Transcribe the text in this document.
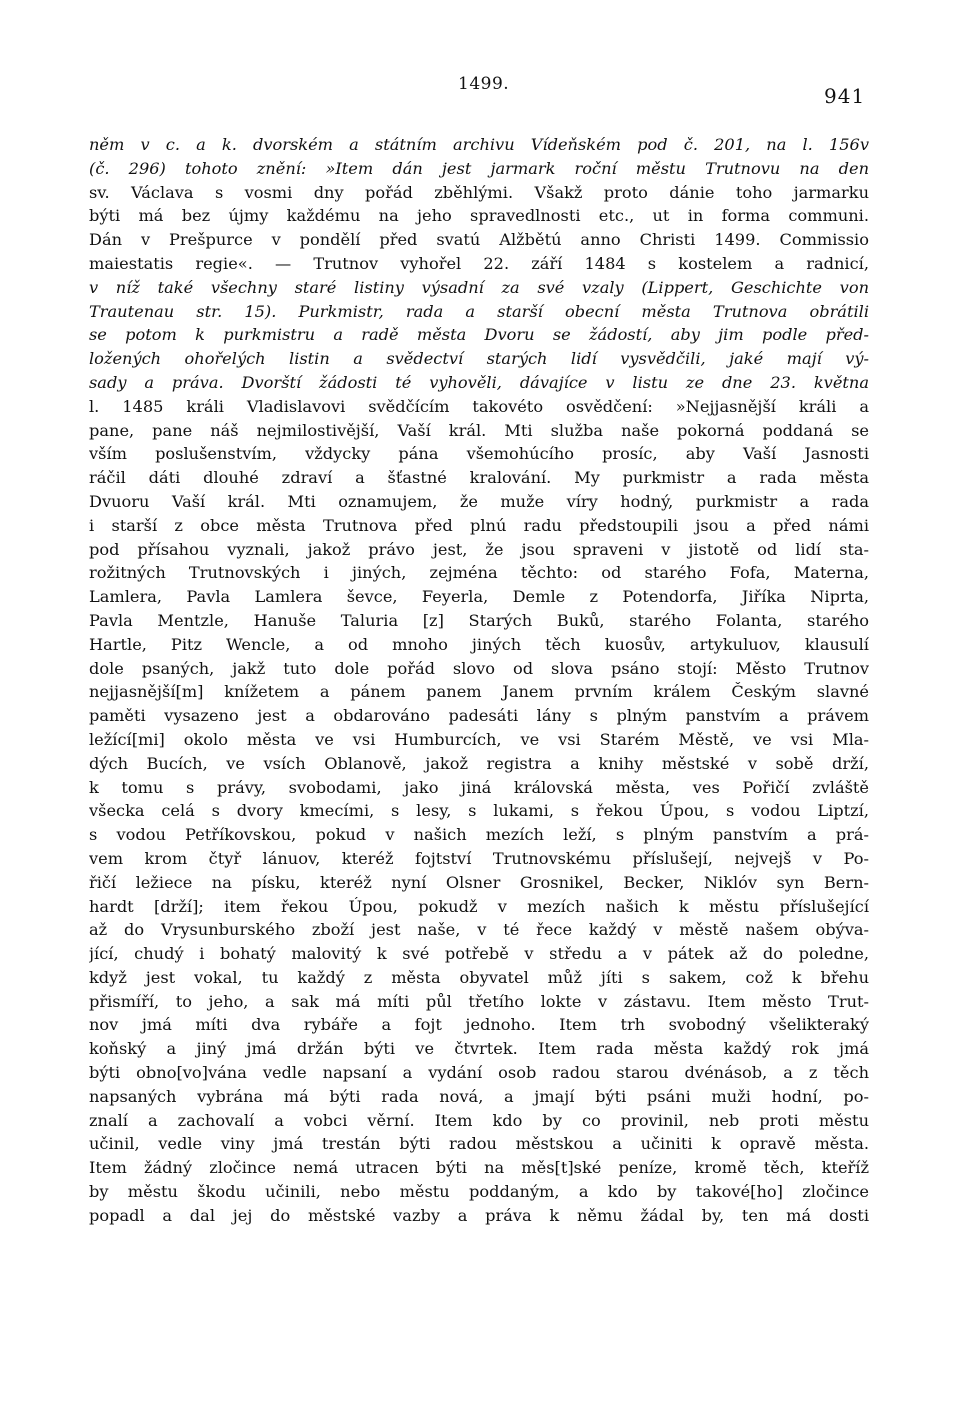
1499.	941
něm v c. a k. dvorském a státním archivu Vídeňském pod č. 201, na l. 156v
(č. 296) tohoto znění: »Item dán jest jarmark roční městu Trutnovu na den
sv. Václava s vosmi dny pořád zběhlými. Všakž proto dánie toho jarmarku
býti má bez újmy každému na jeho spravedlnosti etc., ut in forma communi.
Dán v Prešpurce v pondělí před svatú Alžbětú anno Christi 1499. Commissio
maiestatis regie«. — Trutnov vyhořel 22. září 1484 s kostelem a radnicí,
v níž také všechny staré listiny výsadní za své vzaly (Lippert, Geschichte von
Trautenau str. 15). Purkmistr, rada a starší obecní města Trutnova obrátili
se potom k purkmistru a radě města Dvoru se žádostí, aby jim podle před-
ložených ohořelých listin a svědectví starých lidí vysvědčili, jaké mají vý-
sady a práva. Dvorští žádosti té vyhověli, dávajíce v listu ze dne 23. května
l. 1485 králi Vladislavovi svědčícím takovéto osvědčení: »Nejjasnější králi a
pane, pane náš nejmilostivější, Vaší král. Mti službа naše pokorná poddaná se
vším poslušenstvím, vždycky pána všemohúcího prosíc, aby Vaší Jasnosti
ráčil dáti dlouhé zdraví a šťastné kralování. My purkmistr a rada města
Dvuoru Vaší král. Mti oznamujem, že muže víry hodný, purkmistr a rada
i starší z obce města Trutnova před plnú radu předstoupili jsou a před námi
pod přísahou vyznali, jakož právo jest, že jsou spraveni v jistotě od lidí sta-
rožitných Trutnovských i jiných, zejména těchto: od starého Fofa, Materna,
Lamlera, Pavla Lamlera ševce, Feyerla, Demle z Potendorfa, Jiříka Niprta,
Pavla Mentzle, Hanuše Taluria [z] Starých Buků, starého Folanta, starého
Hartle, Pitz Wencle, a od mnoho jiných těch kuosův, artykuluov, klausulí
dole psaných, jakž tuto dole pořád slovo od slova psáno stojí: Město Trutnov
nejjasnější[m] knížetem a pánem panem Janem prvním králem Českým slavné
paměti vysazeno jest a obdarováno padesáti lány s plným panstvím a právem
ležící[mi] okolo města ve vsi Humburcích, ve vsi Starém Městě, ve vsi Mla-
dých Bucích, ve vsích Oblanově, jakož registra a knihy městské v sobě drží,
k tomu s právy, svobodami, jako jiná královská města, ves Pořičí zvláště
všecka celá s dvory kmecími, s lesy, s lukami, s řekou Úpou, s vodou Liptzí,
s vodou Petříkovskou, pokud v našich mezích leží, s plným panstvím a prá-
vem krom čtyř lánuov, kteréž fojtství Trutnovskému příslušejí, nejvejš v Po-
řičí ležiece na písku, kteréž nyní Olsner Grosnikel, Becker, Niklóv syn Bern-
hardt [drží]; item řekou Úpou, pokudž v mezích našich k městu příslušející
až do Vrysunburského zboží jest naše, v té řece každý v městě našem obýva-
jící, chudý i bohatý malovitý k své potřebě v středu a v pátek až do poledne,
když jest vokal, tu každý z města obyvatel můž jíti s sakem, což k břehu
přismíří, to jeho, a sak má míti půl třetího lokte v zástavu. Item město Trut-
nov jmá míti dva rybáře a fojt jednoho. Item trh svobodný všelikteraký
koňský a jiný jmá držán býti ve čtvrtek. Item rada města každý rok jmá
býti obno[vo]vána vedle napsaní a vydání osob radou starou dvénásob, a z těch
napsaných vybrána má býti rada nová, a jmají býti psáni muži hodní, po-
znalí a zachovalí a vobci věrní. Item kdo by co provinil, neb proti městu
učinil, vedle viny jmá trestán býti radou městskou a učiniti k opravě města.
Item žádný zločince nemá utracen býti na měs[t]ské peníze, kromě těch, kteříž
by městu škodu učinili, nebo městu poddaným, a kdo by takové[ho] zločince
popadl a dal jej do městské vazby a práva k němu žádal by, ten má dosti
